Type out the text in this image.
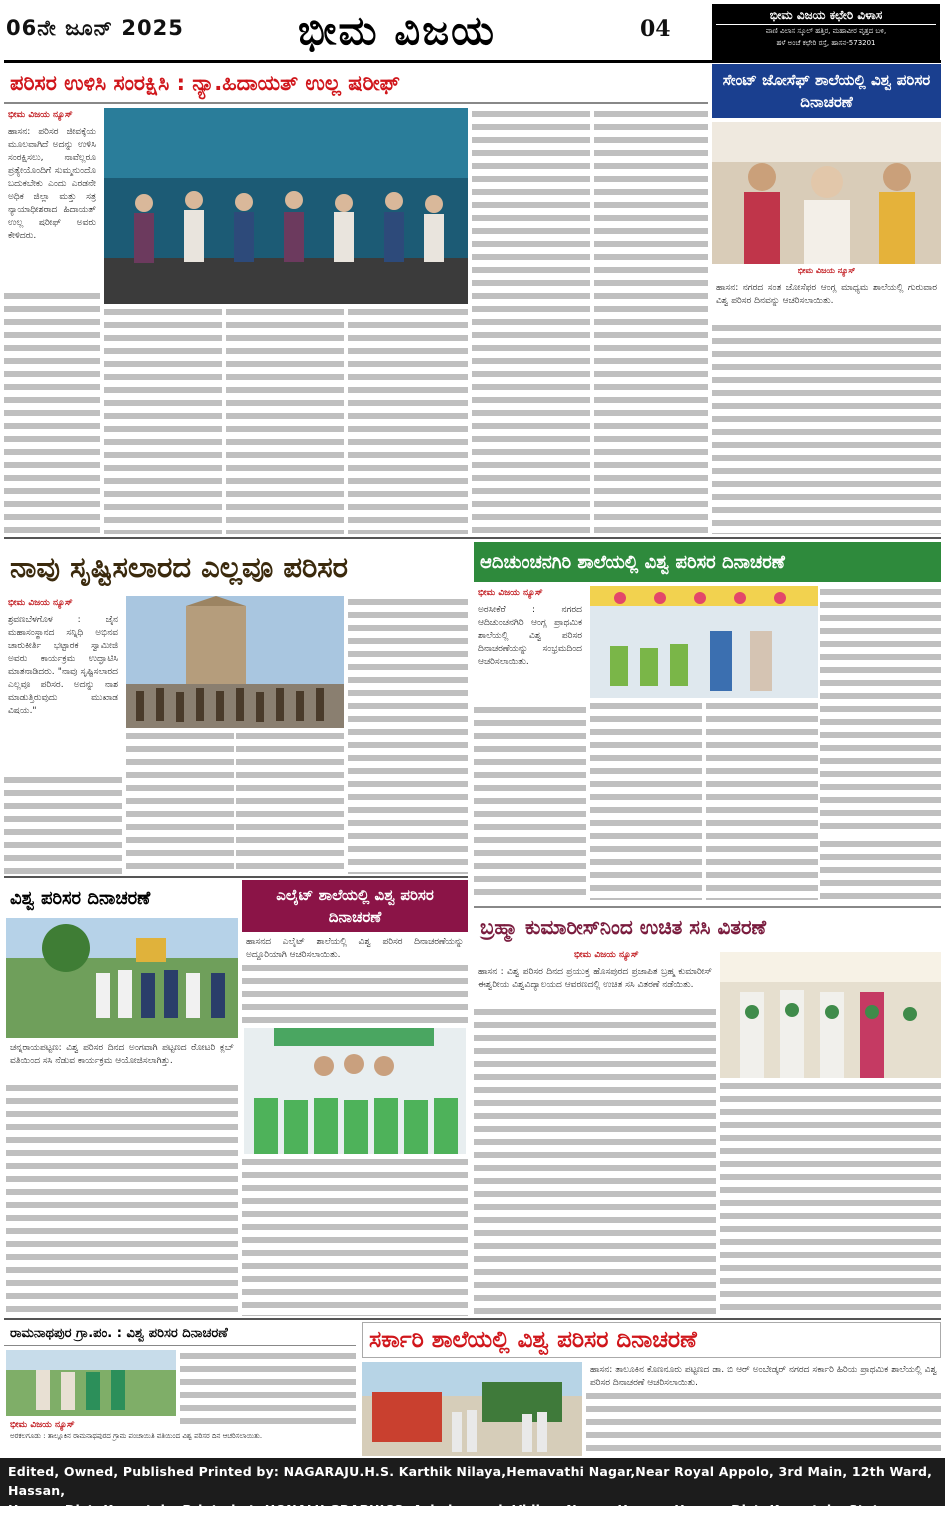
06ನೇ ಜೂನ್ 2025	ಭೀಮ ವಿಜಯ	04
ಭೀಮ ವಿಜಯ ಕಛೇರಿ ವಿಳಾಸ
ವಾಣಿ ವಿಲಾಸ ಸ್ಕೂಲ್ ಹತ್ತಿರ, ಮಹಾವೀರ ವೃತ್ತದ ಬಳಿ,
ಹಳೆ ಅಂಚೆ ಕಛೇರಿ ರಸ್ತೆ, ಹಾಸನ-573201
ಪರಿಸರ ಉಳಿಸಿ ಸಂರಕ್ಷಿಸಿ : ನ್ಯಾ.ಹಿದಾಯತ್ ಉಲ್ಲ ಷರೀಫ್
ಭೀಮ ವಿಜಯ ನ್ಯೂಸ್
ಹಾಸನ: ಪರಿಸರ ಜೀವಕ್ಕೆಯ ಮೂಲವಾಗಿದೆ ಅದನ್ನು ಉಳಿಸಿ ಸಂರಕ್ಷಿಸಲು, ನಾವೆಲ್ಲರೂ ಪ್ರತ್ಯೇಯೊಂದಿಗೆ ಸುಮ್ಮನುಂದೊ ಬದುಕಬೇಕು ಎಂದು ಎರಡನೇ ಅಧಿಕ ಜಿಲ್ಲಾ ಮತ್ತು ಸತ್ರ ನ್ಯಾಯಾಧೀಶರಾದ ಹಿದಾಯತ್ ಉಲ್ಲ ಷರೀಫ್ ಅವರು ಕೇಳಿದರು.
ಸೇಂಟ್ ಜೋಸೆಫ್ ಶಾಲೆಯಲ್ಲಿ ವಿಶ್ವ ಪರಿಸರ ದಿನಾಚರಣೆ
ಭೀಮ ವಿಜಯ ನ್ಯೂಸ್
ಹಾಸನ: ನಗರದ ಸಂತ ಜೋಸೆಫರ ಆಂಗ್ಲ ಮಾಧ್ಯಮ ಶಾಲೆಯಲ್ಲಿ ಗುರುವಾರ ವಿಶ್ವ ಪರಿಸರ ದಿನವನ್ನು ಆಚರಿಸಲಾಯಿತು.
ನಾವು ಸೃಷ್ಟಿಸಲಾರದ ಎಲ್ಲವೂ ಪರಿಸರ
ಭೀಮ ವಿಜಯ ನ್ಯೂಸ್
ಶ್ರವಣಬೆಳಗೊಳ : ಜೈನ ಮಹಾಸಂಸ್ಥಾನದ ಸನ್ನಿಧಿ ಅಭಿನವ ಚಾರುಕೀರ್ತಿ ಭಟ್ಟಾರಕ ಸ್ವಾಮೀಜಿ ಅವರು ಕಾರ್ಯಕ್ರಮ ಉದ್ಘಾಟಿಸಿ ಮಾತನಾಡಿದರು. "ನಾವು ಸೃಷ್ಟಿಸಲಾರದ ಎಲ್ಲವೂ ಪರಿಸರ. ಅದನ್ನು ನಾಶ ಮಾಡುತ್ತಿರುವುದು ಮುಖಾಡ ವಿಷಯ."
ಆದಿಚುಂಚನಗಿರಿ ಶಾಲೆಯಲ್ಲಿ ವಿಶ್ವ ಪರಿಸರ ದಿನಾಚರಣೆ
ಭೀಮ ವಿಜಯ ನ್ಯೂಸ್
ಅರಸೀಕೆರೆ : ನಗರದ ಆದಿಚುಂಚನಗಿರಿ ಆಂಗ್ಲ ಪ್ರಾಥಮಿಕ ಶಾಲೆಯಲ್ಲಿ ವಿಶ್ವ ಪರಿಸರ ದಿನಾಚರಣೆಯನ್ನು ಸಂಭ್ರಮದಿಂದ ಆಚರಿಸಲಾಯಿತು.
ವಿಶ್ವ ಪರಿಸರ ದಿನಾಚರಣೆ
ಚನ್ನರಾಯಪಟ್ಟಣ: ವಿಶ್ವ ಪರಿಸರ ದಿನದ ಅಂಗವಾಗಿ ಪಟ್ಟಣದ ರೋಟರಿ ಕ್ಲಬ್ ವತಿಯಿಂದ ಸಸಿ ನೆಡುವ ಕಾರ್ಯಕ್ರಮ ಆಯೋಜಿಸಲಾಗಿತ್ತು.
ಎಲೈಟ್ ಶಾಲೆಯಲ್ಲಿ ವಿಶ್ವ ಪರಿಸರ ದಿನಾಚರಣೆ
ಹಾಸನದ ಎಲೈಟ್ ಶಾಲೆಯಲ್ಲಿ ವಿಶ್ವ ಪರಿಸರ ದಿನಾಚರಣೆಯನ್ನು ಅದ್ದೂರಿಯಾಗಿ ಆಚರಿಸಲಾಯಿತು.
ಬ್ರಹ್ಮಾ ಕುಮಾರೀಸ್‌ನಿಂದ ಉಚಿತ ಸಸಿ ವಿತರಣೆ
ಭೀಮ ವಿಜಯ ನ್ಯೂಸ್
ಹಾಸನ : ವಿಶ್ವ ಪರಿಸರ ದಿನದ ಪ್ರಯುಕ್ತ ಹೊಸಪುರದ ಪ್ರಜಾಪಿತ ಬ್ರಹ್ಮ ಕುಮಾರೀಸ್ ಈಶ್ವರೀಯ ವಿಶ್ವವಿದ್ಯಾಲಯದ ಆವರಣದಲ್ಲಿ ಉಚಿತ ಸಸಿ ವಿತರಣೆ ನಡೆಯಿತು.
ರಾಮನಾಥಪುರ ಗ್ರಾ.ಪಂ. : ವಿಶ್ವ ಪರಿಸರ ದಿನಾಚರಣೆ
ಭೀಮ ವಿಜಯ ನ್ಯೂಸ್
ಅರಕಲಗೂಡು : ತಾಲ್ಲೂಕಿನ ರಾಮನಾಥಪುರದ ಗ್ರಾಮ ಪಂಚಾಯಿತಿ ವತಿಯಿಂದ ವಿಶ್ವ ಪರಿಸರ ದಿನ ಆಚರಿಸಲಾಯಿತು.
ಸರ್ಕಾರಿ ಶಾಲೆಯಲ್ಲಿ ವಿಶ್ವ ಪರಿಸರ ದಿನಾಚರಣೆ
ಹಾಸನ: ತಾಲೂಕಿನ ಕೊಣನೂರು ಪಟ್ಟಣದ ಡಾ. ಬಿ ಆರ್ ಅಂಬೇಡ್ಕರ್ ನಗರದ ಸರ್ಕಾರಿ ಹಿರಿಯ ಪ್ರಾಥಮಿಕ ಶಾಲೆಯಲ್ಲಿ ವಿಶ್ವ ಪರಿಸರ ದಿನಾಚರಣೆ ಆಚರಿಸಲಾಯಿತು.
Edited, Owned, Published Printed by: NAGARAJU.H.S. Karthik Nilaya,Hemavathi Nagar,Near Royal Appolo, 3rd Main, 12th Ward, Hassan,
Hassan Dist. Karnataka Printed at: HONALU GRAPHICS, Ashoka road, Vidhya Nagar, Hassan Hassan Dist. Karnataka State.
